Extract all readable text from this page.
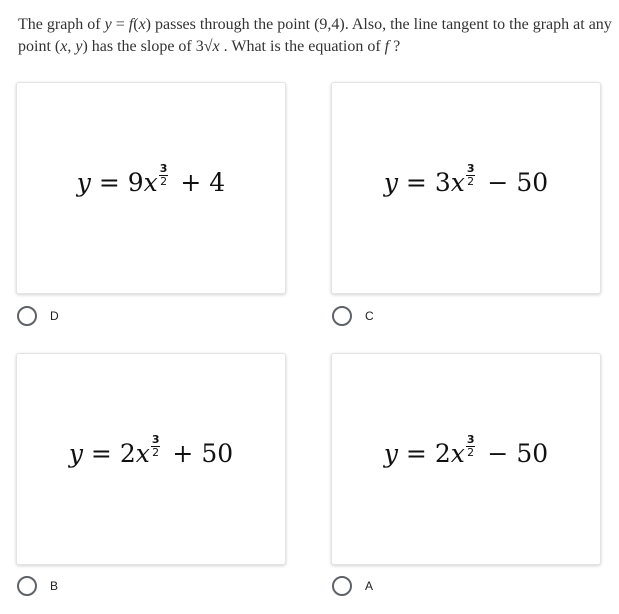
The graph of y = f(x) passes through the point (9,4). Also, the line tangent to the graph at any point (x, y) has the slope of 3√x . What is the equation of f ?
$y = 9x \frac{3}{2} + 4$
D
$y = 3x \frac{3}{2} - 50$
C
$y = 2x \frac{3}{2} + 50$
B
$y = 2x \frac{3}{2} - 50$
A
